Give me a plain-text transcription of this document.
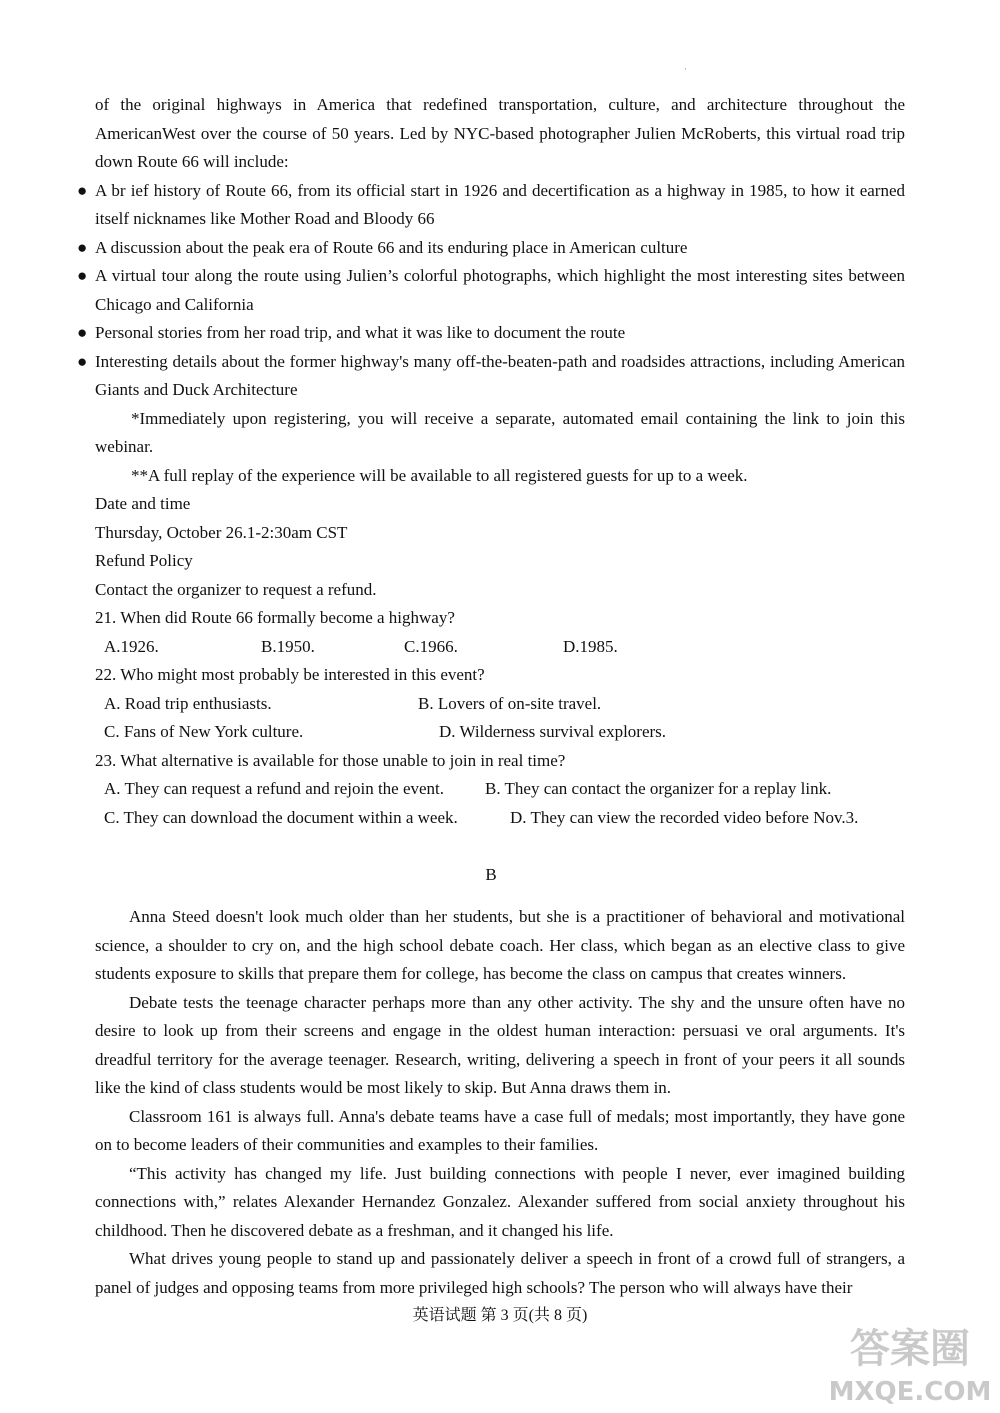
·

of the original highways in America that redefined transportation, culture, and architecture throughout the AmericanWest over the course of 50 years. Led by NYC-based photographer Julien McRoberts, this virtual road trip down Route 66 will include:

● A br ief history of Route 66, from its official start in 1926 and decertification as a highway in 1985, to how it earned itself nicknames like Mother Road and Bloody 66
● A discussion about the peak era of Route 66 and its enduring place in American culture
● A virtual tour along the route using Julien’s colorful photographs, which highlight the most interesting sites between Chicago and California
● Personal stories from her road trip, and what it was like to document the route
● Interesting details about the former highway's many off-the-beaten-path and roadsides attractions, including American Giants and Duck Architecture

*Immediately upon registering, you will receive a separate, automated email containing the link to join this webinar.

**A full replay of the experience will be available to all registered guests for up to a week.

Date and time

Thursday, October 26.1-2:30am CST

Refund Policy

Contact the organizer to request a refund.

21. When did Route 66 formally become a highway?

A.1926.	B.1950.	C.1966.	D.1985.

22. Who might most probably be interested in this event?

A. Road trip enthusiasts.	B. Lovers of on-site travel.
C. Fans of New York culture.	D. Wilderness survival explorers.

23. What alternative is available for those unable to join in real time?

A. They can request a refund and rejoin the event. B. They can contact the organizer for a replay link.
C. They can download the document within a week.	D. They can view the recorded video before Nov.3.

B

Anna Steed doesn't look much older than her students, but she is a practitioner of behavioral and motivational science, a shoulder to cry on, and the high school debate coach. Her class, which began as an elective class to give students exposure to skills that prepare them for college, has become the class on campus that creates winners.

Debate tests the teenage character perhaps more than any other activity. The shy and the unsure often have no desire to look up from their screens and engage in the oldest human interaction: persuasi ve oral arguments. It's dreadful territory for the average teenager. Research, writing, delivering a speech in front of your peers it all sounds like the kind of class students would be most likely to skip. But Anna draws them in.

Classroom 161 is always full. Anna's debate teams have a case full of medals; most importantly, they have gone on to become leaders of their communities and examples to their families.

“This activity has changed my life. Just building connections with people I never, ever imagined building connections with,” relates Alexander Hernandez Gonzalez. Alexander suffered from social anxiety throughout his childhood. Then he discovered debate as a freshman, and it changed his life.

What drives young people to stand up and passionately deliver a speech in front of a crowd full of strangers, a panel of judges and opposing teams from more privileged high schools? The person who will always have their

英语试题 第 3 页(共 8 页)
答案圈
MXQE.COM
